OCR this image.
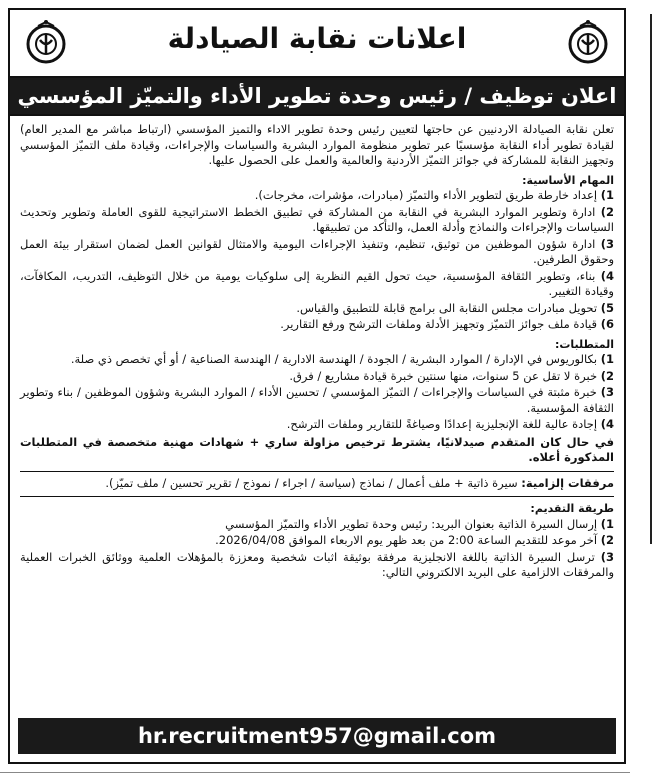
اعلانات نقابة الصيادلة
اعلان توظيف / رئيس وحدة تطوير الأداء والتميّز المؤسسي

تعلن نقابة الصيادلة الاردنيين عن حاجتها لتعيين رئيس وحدة تطوير الاداء والتميز المؤسسي (ارتباط مباشر مع المدير العام) لقيادة تطوير أداء النقابة مؤسسيًا عبر تطوير منظومة الموارد البشرية والسياسات والإجراءات، وقيادة ملف التميّز المؤسسي وتجهيز النقابة للمشاركة في جوائز التميّز الأردنية والعالمية والعمل على الحصول عليها.

المهام الأساسية:
1) إعداد خارطة طريق لتطوير الأداء والتميّز (مبادرات، مؤشرات، مخرجات).
2) ادارة وتطوير الموارد البشرية في النقابة من المشاركة في تطبيق الخطط الاستراتيجية للقوى العاملة وتطوير وتحديث السياسات والإجراءات والنماذج وأدلة العمل، والتأكد من تطبيقها.
3) ادارة شؤون الموظفين من توثيق، تنظيم، وتنفيذ الإجراءات اليومية والامتثال لقوانين العمل لضمان استقرار بيئة العمل وحقوق الطرفين.
4) بناء، وتطوير الثقافة المؤسسية، حيث تحول القيم النظرية إلى سلوكيات يومية من خلال التوظيف، التدريب، المكافآت، وقيادة التغيير.
5) تحويل مبادرات مجلس النقابة الى برامج قابلة للتطبيق والقياس.
6) قيادة ملف جوائز التميّز وتجهيز الأدلة وملفات الترشح ورفع التقارير.
المتطلبات:
1) بكالوريوس في الإدارة / الموارد البشرية / الجودة / الهندسة الادارية / الهندسة الصناعية / أو أي تخصص ذي صلة.
2) خبرة لا تقل عن 5 سنوات، منها سنتين خبرة قيادة مشاريع / فرق.
3) خبرة مثبتة في السياسات والإجراءات / التميّز المؤسسي / تحسين الأداء / الموارد البشرية وشؤون الموظفين / بناء وتطوير الثقافة المؤسسية.
4) إجادة عالية للغة الإنجليزية إعدادًا وصياغةً للتقارير وملفات الترشح.
في حال كان المتقدم صيدلانيًا، يشترط ترخيص مزاولة ساري + شهادات مهنية متخصصة في المتطلبات المذكورة أعلاه.

مرفقات إلزامية: سيرة ذاتية + ملف أعمال / نماذج (سياسة / اجراء / نموذج / تقرير تحسين / ملف تميّز).

طريقة التقديم:
1) إرسال السيرة الذاتية بعنوان البريد: رئيس وحدة تطوير الأداء والتميّز المؤسسي
2) آخر موعد للتقديم الساعة 2:00 من بعد ظهر يوم الاربعاء الموافق 2026/04/08.
3) ترسل السيرة الذاتية باللغة الانجليزية مرفقة بوثيقة اثبات شخصية ومعززة بالمؤهلات العلمية ووثائق الخبرات العملية والمرفقات الالزامية على البريد الالكتروني التالي:
hr.recruitment957@gmail.com
